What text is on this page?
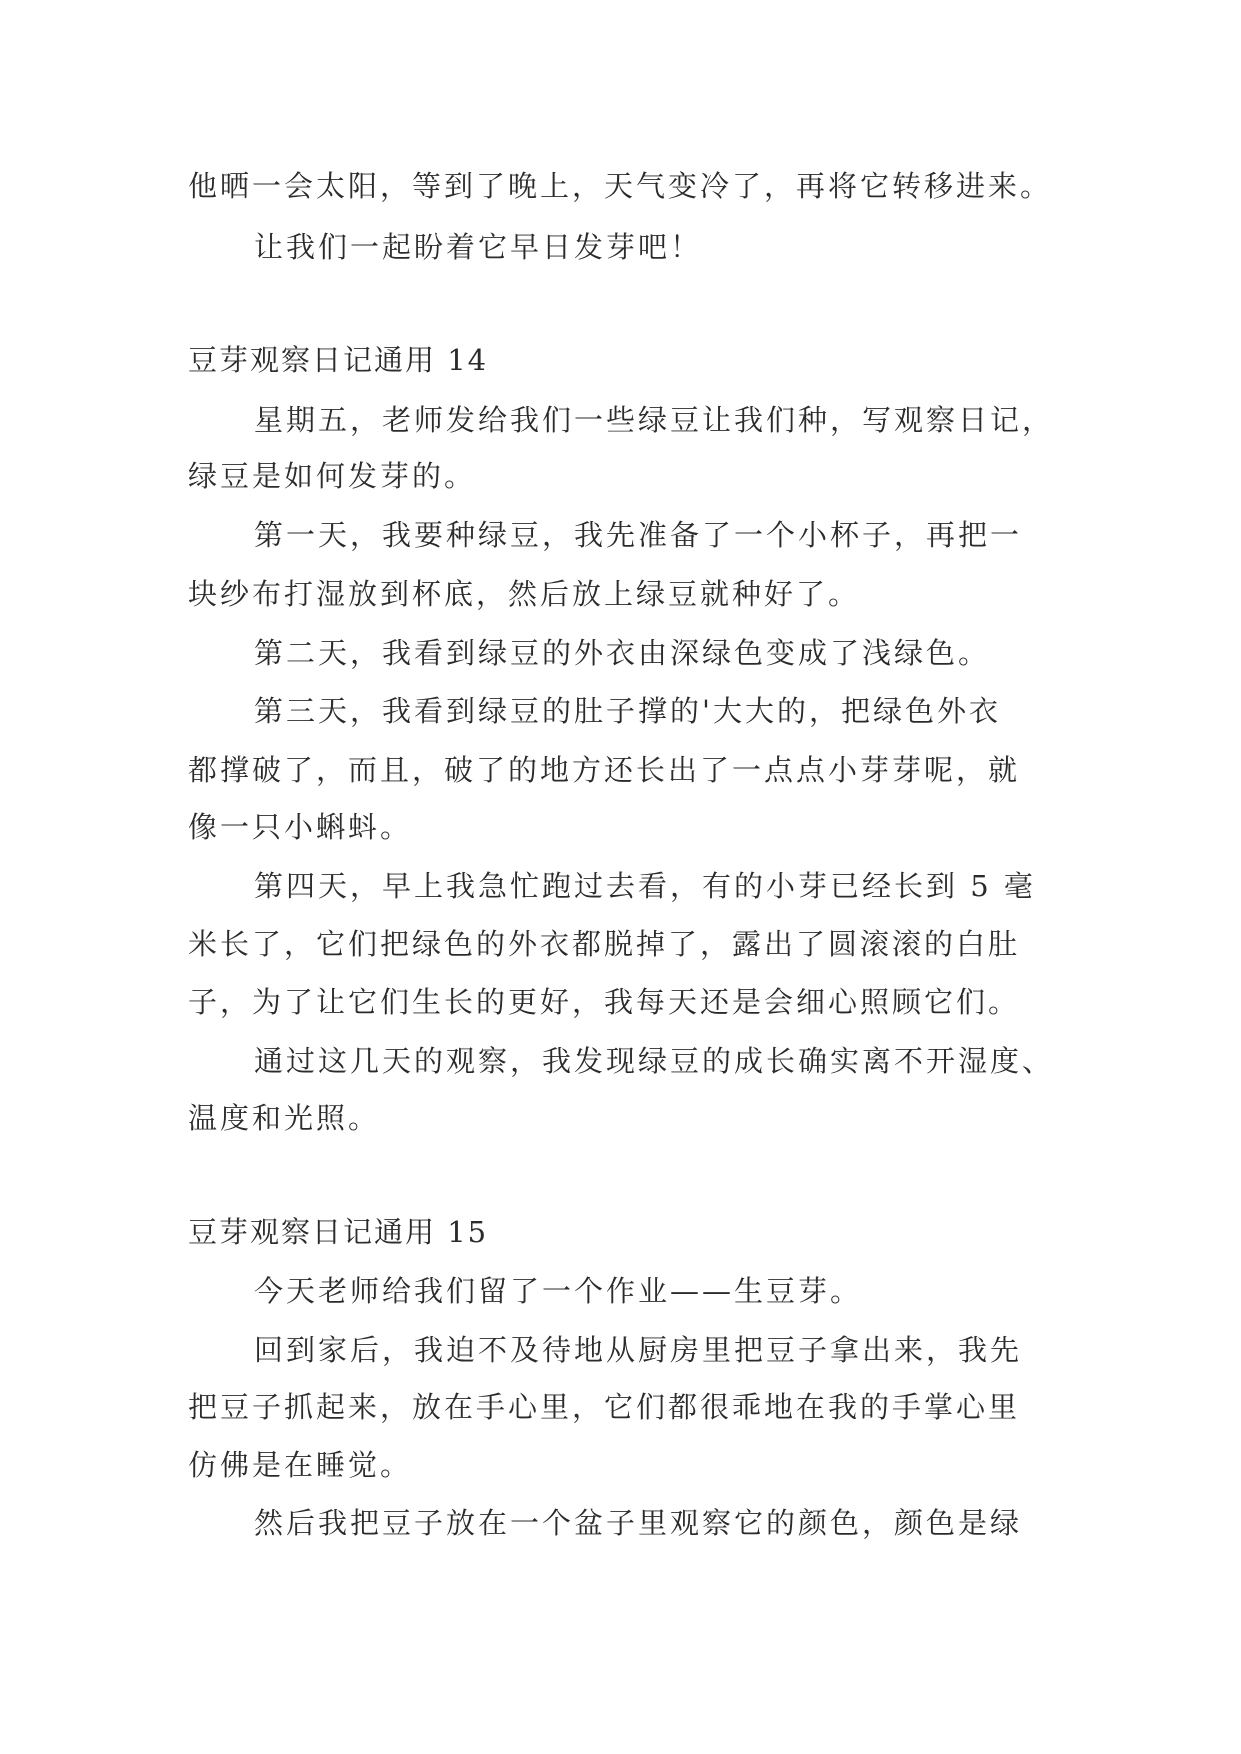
他晒一会太阳，等到了晚上，天气变冷了，再将它转移进来。

让我们一起盼着它早日发芽吧！

豆芽观察日记通用 14

星期五，老师发给我们一些绿豆让我们种，写观察日记，

绿豆是如何发芽的。

第一天，我要种绿豆，我先准备了一个小杯子，再把一

块纱布打湿放到杯底，然后放上绿豆就种好了。

第二天，我看到绿豆的外衣由深绿色变成了浅绿色。

第三天，我看到绿豆的肚子撑的'大大的，把绿色外衣

都撑破了，而且，破了的地方还长出了一点点小芽芽呢，就

像一只小蝌蚪。

第四天，早上我急忙跑过去看，有的小芽已经长到 5 毫

米长了，它们把绿色的外衣都脱掉了，露出了圆滚滚的白肚

子，为了让它们生长的更好，我每天还是会细心照顾它们。

通过这几天的观察，我发现绿豆的成长确实离不开湿度、

温度和光照。

豆芽观察日记通用 15

今天老师给我们留了一个作业——生豆芽。

回到家后，我迫不及待地从厨房里把豆子拿出来，我先

把豆子抓起来，放在手心里，它们都很乖地在我的手掌心里

仿佛是在睡觉。

然后我把豆子放在一个盆子里观察它的颜色，颜色是绿
